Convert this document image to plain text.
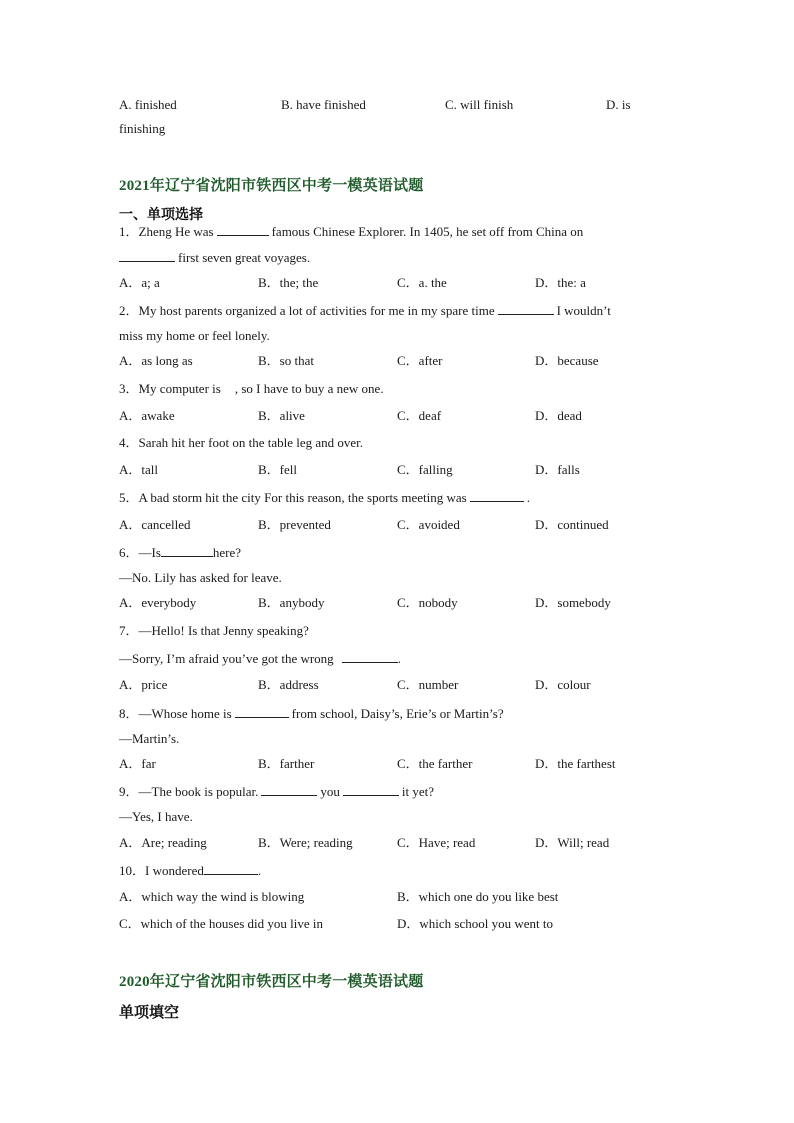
A. finished	B. have finished	C. will finish	D. is
finishing
2021年辽宁省沈阳市铁西区中考一模英语试题
一、单项选择
1．Zheng He was	famous Chinese Explorer. In 1405, he set off from China on
first seven great voyages.
A．a; a	B．the; the	C．a. the	D．the: a
2．My host parents organized a lot of activities for me in my spare time	I wouldn’t
miss my home or feel lonely.
A．as long as	B．so that	C．after	D．because
3．My computer is , so I have to buy a new one.
A．awake	B．alive	C．deaf	D．dead
4．Sarah hit her foot on the table leg and over.
A．tall	B．fell	C．falling	D．falls
5．A bad storm hit the city For this reason, the sports meeting was	.
A．cancelled	B．prevented	C．avoided	D．continued
6．—Is	here?
—No. Lily has asked for leave.
A．everybody	B．anybody	C．nobody	D．somebody
7．—Hello! Is that Jenny speaking?
—Sorry, I’m afraid you’ve got the wrong	.
A．price	B．address	C．number	D．colour
8．—Whose home is	from school, Daisy’s, Erie’s or Martin’s?
—Martin’s.
A．far	B．farther	C．the farther	D．the farthest
9．—The book is popular.	you	it yet?
—Yes, I have.
A．Are; reading	B．Were; reading	C．Have; read	D．Will; read
10．I wondered	.
A．which way the wind is blowing	B．which one do you like best
C．which of the houses did you live in	D．which school you went to
2020年辽宁省沈阳市铁西区中考一模英语试题
单项填空
